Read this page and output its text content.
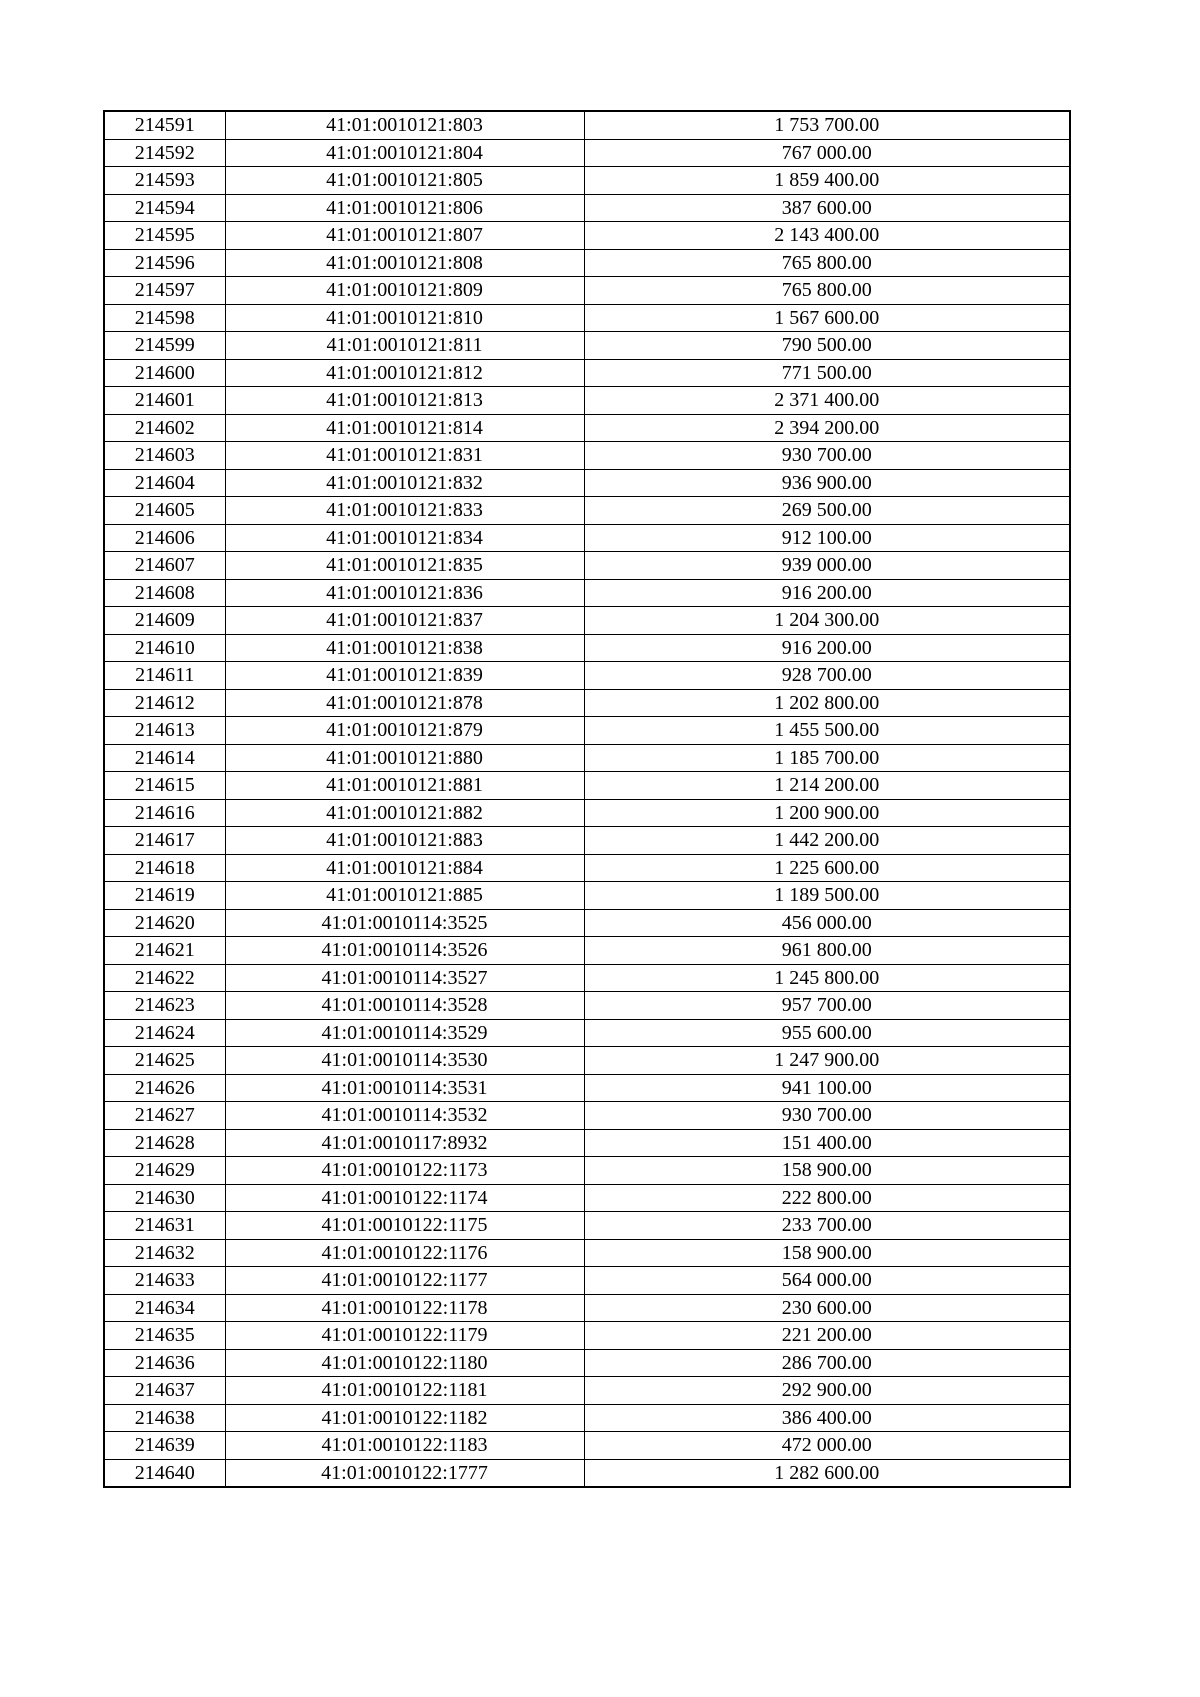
214591	41:01:0010121:803	1 753 700.00
214592	41:01:0010121:804	767 000.00
214593	41:01:0010121:805	1 859 400.00
214594	41:01:0010121:806	387 600.00
214595	41:01:0010121:807	2 143 400.00
214596	41:01:0010121:808	765 800.00
214597	41:01:0010121:809	765 800.00
214598	41:01:0010121:810	1 567 600.00
214599	41:01:0010121:811	790 500.00
214600	41:01:0010121:812	771 500.00
214601	41:01:0010121:813	2 371 400.00
214602	41:01:0010121:814	2 394 200.00
214603	41:01:0010121:831	930 700.00
214604	41:01:0010121:832	936 900.00
214605	41:01:0010121:833	269 500.00
214606	41:01:0010121:834	912 100.00
214607	41:01:0010121:835	939 000.00
214608	41:01:0010121:836	916 200.00
214609	41:01:0010121:837	1 204 300.00
214610	41:01:0010121:838	916 200.00
214611	41:01:0010121:839	928 700.00
214612	41:01:0010121:878	1 202 800.00
214613	41:01:0010121:879	1 455 500.00
214614	41:01:0010121:880	1 185 700.00
214615	41:01:0010121:881	1 214 200.00
214616	41:01:0010121:882	1 200 900.00
214617	41:01:0010121:883	1 442 200.00
214618	41:01:0010121:884	1 225 600.00
214619	41:01:0010121:885	1 189 500.00
214620	41:01:0010114:3525	456 000.00
214621	41:01:0010114:3526	961 800.00
214622	41:01:0010114:3527	1 245 800.00
214623	41:01:0010114:3528	957 700.00
214624	41:01:0010114:3529	955 600.00
214625	41:01:0010114:3530	1 247 900.00
214626	41:01:0010114:3531	941 100.00
214627	41:01:0010114:3532	930 700.00
214628	41:01:0010117:8932	151 400.00
214629	41:01:0010122:1173	158 900.00
214630	41:01:0010122:1174	222 800.00
214631	41:01:0010122:1175	233 700.00
214632	41:01:0010122:1176	158 900.00
214633	41:01:0010122:1177	564 000.00
214634	41:01:0010122:1178	230 600.00
214635	41:01:0010122:1179	221 200.00
214636	41:01:0010122:1180	286 700.00
214637	41:01:0010122:1181	292 900.00
214638	41:01:0010122:1182	386 400.00
214639	41:01:0010122:1183	472 000.00
214640	41:01:0010122:1777	1 282 600.00
